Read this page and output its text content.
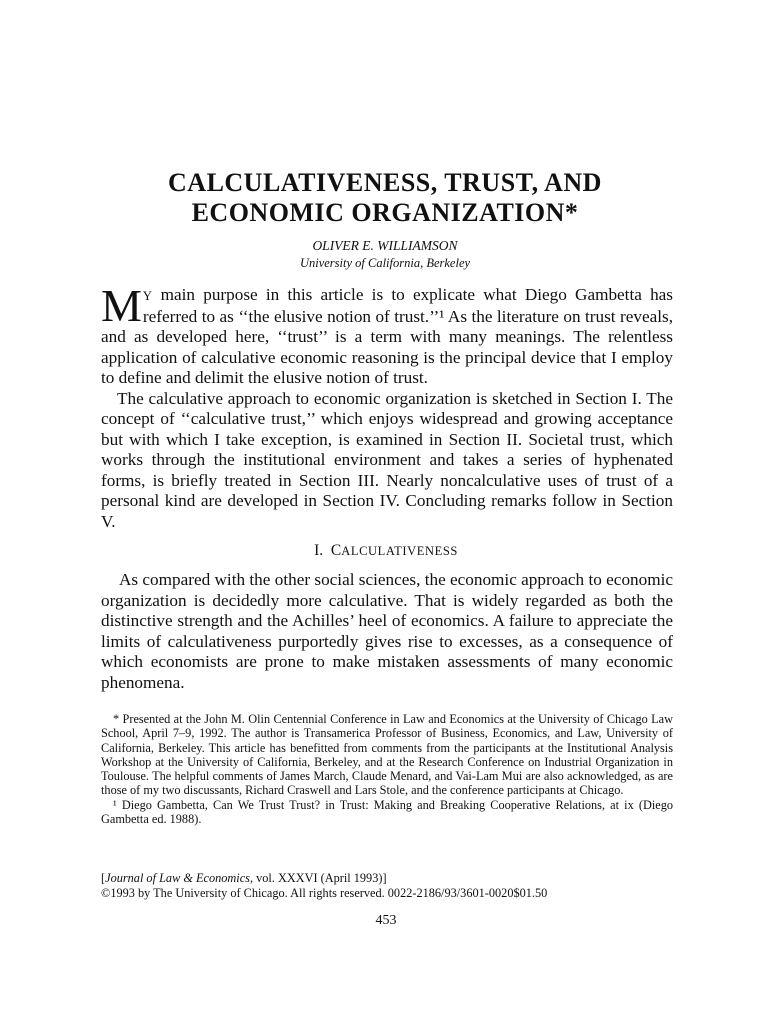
CALCULATIVENESS, TRUST, AND
ECONOMIC ORGANIZATION*
OLIVER E. WILLIAMSON
University of California, Berkeley

M Y main purpose in this article is to explicate what Diego Gambetta has referred to as ‘‘the elusive notion of trust.’’¹ As the literature on trust reveals, and as developed here, ‘‘trust’’ is a term with many meanings. The relentless application of calculative economic reasoning is the principal device that I employ to define and delimit the elusive notion of trust.

The calculative approach to economic organization is sketched in Section I. The concept of ‘‘calculative trust,’’ which enjoys widespread and growing acceptance but with which I take exception, is examined in Section II. Societal trust, which works through the institutional environment and takes a series of hyphenated forms, is briefly treated in Section III. Nearly noncalculative uses of trust of a personal kind are developed in Section IV. Concluding remarks follow in Section V.

I. CALCULATIVENESS

As compared with the other social sciences, the economic approach to economic organization is decidedly more calculative. That is widely regarded as both the distinctive strength and the Achilles’ heel of economics. A failure to appreciate the limits of calculativeness purportedly gives rise to excesses, as a consequence of which economists are prone to make mistaken assessments of many economic phenomena.

* Presented at the John M. Olin Centennial Conference in Law and Economics at the University of Chicago Law School, April 7–9, 1992. The author is Transamerica Professor of Business, Economics, and Law, University of California, Berkeley. This article has benefitted from comments from the participants at the Institutional Analysis Workshop at the University of California, Berkeley, and at the Research Conference on Industrial Organization in Toulouse. The helpful comments of James March, Claude Menard, and Vai-Lam Mui are also acknowledged, as are those of my two discussants, Richard Craswell and Lars Stole, and the conference participants at Chicago.

¹ Diego Gambetta, Can We Trust Trust? in Trust: Making and Breaking Cooperative Relations, at ix (Diego Gambetta ed. 1988).

[Journal of Law & Economics, vol. XXXVI (April 1993)]

©1993 by The University of Chicago. All rights reserved. 0022-2186/93/3601-0020$01.50

453
